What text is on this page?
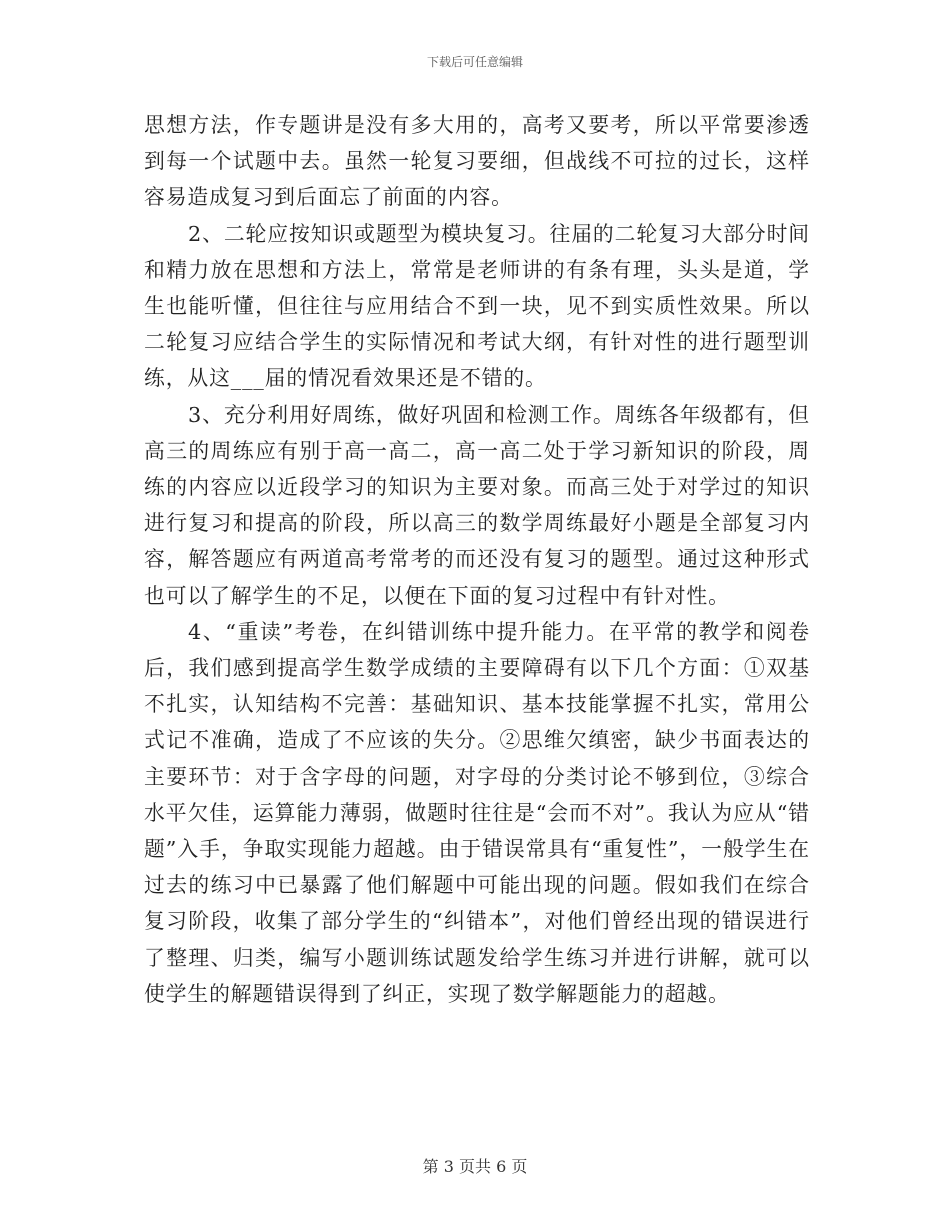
下载后可任意编辑

思想方法，作专题讲是没有多大用的，高考又要考，所以平常要渗透到每一个试题中去。虽然一轮复习要细，但战线不可拉的过长，这样容易造成复习到后面忘了前面的内容。

2、二轮应按知识或题型为模块复习。往届的二轮复习大部分时间和精力放在思想和方法上，常常是老师讲的有条有理，头头是道，学生也能听懂，但往往与应用结合不到一块，见不到实质性效果。所以二轮复习应结合学生的实际情况和考试大纲，有针对性的进行题型训练，从这___届的情况看效果还是不错的。

3、充分利用好周练，做好巩固和检测工作。周练各年级都有，但高三的周练应有别于高一高二，高一高二处于学习新知识的阶段，周练的内容应以近段学习的知识为主要对象。而高三处于对学过的知识进行复习和提高的阶段，所以高三的数学周练最好小题是全部复习内容，解答题应有两道高考常考的而还没有复习的题型。通过这种形式也可以了解学生的不足，以便在下面的复习过程中有针对性。

4、“重读”考卷，在纠错训练中提升能力。在平常的教学和阅卷后，我们感到提高学生数学成绩的主要障碍有以下几个方面：①双基不扎实，认知结构不完善：基础知识、基本技能掌握不扎实，常用公式记不准确，造成了不应该的失分。②思维欠缜密，缺少书面表达的主要环节：对于含字母的问题，对字母的分类讨论不够到位，③综合水平欠佳，运算能力薄弱，做题时往往是“会而不对”。我认为应从“错题”入手，争取实现能力超越。由于错误常具有“重复性”，一般学生在过去的练习中已暴露了他们解题中可能出现的问题。假如我们在综合复习阶段，收集了部分学生的“纠错本”，对他们曾经出现的错误进行了整理、归类，编写小题训练试题发给学生练习并进行讲解，就可以使学生的解题错误得到了纠正，实现了数学解题能力的超越。

第 3 页共 6 页
